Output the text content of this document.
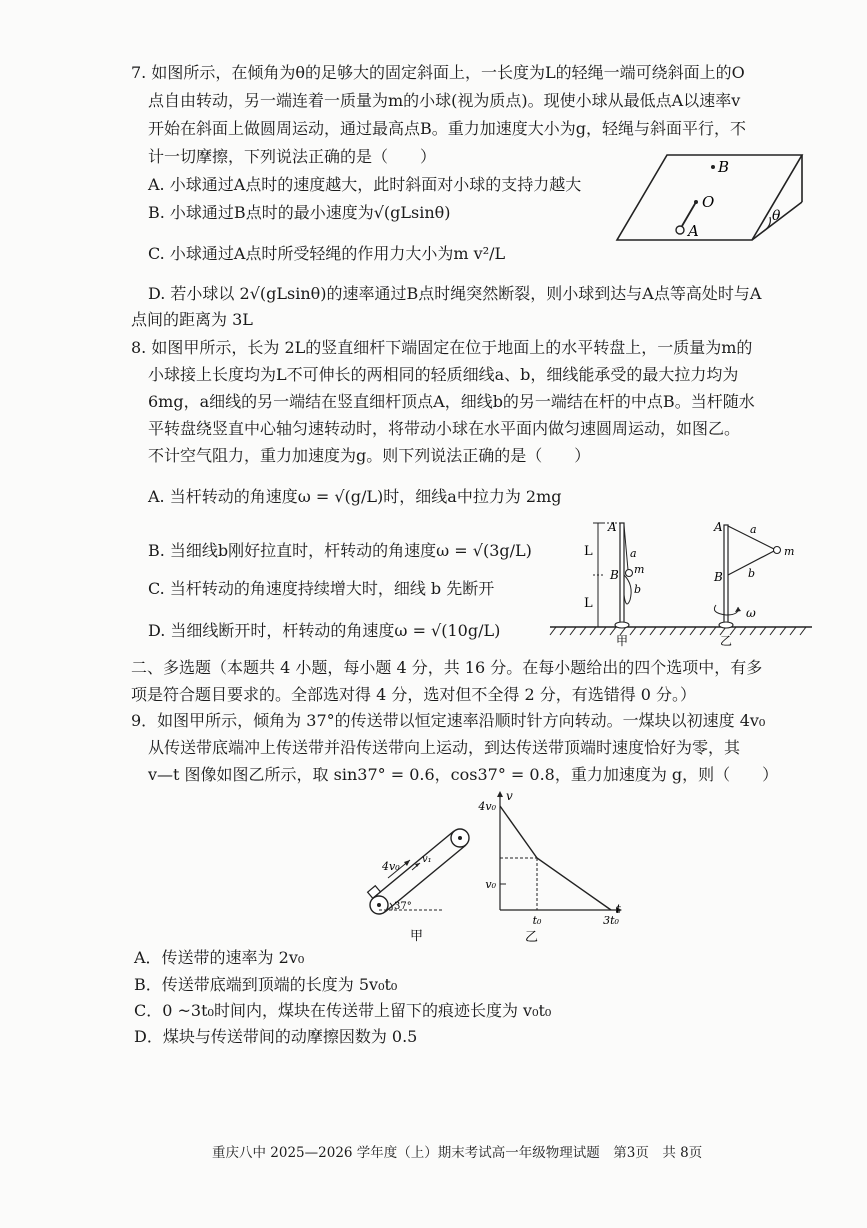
7. 如图所示，在倾角为θ的足够大的固定斜面上，一长度为L的轻绳一端可绕斜面上的O
点自由转动，另一端连着一质量为m的小球(视为质点)。现使小球从最低点A以速率v
开始在斜面上做圆周运动，通过最高点B。重力加速度大小为g，轻绳与斜面平行，不
计一切摩擦，下列说法正确的是（　　）
A. 小球通过A点时的速度越大，此时斜面对小球的支持力越大
B. 小球通过B点时的最小速度为√(gLsinθ)
C. 小球通过A点时所受轻绳的作用力大小为m v²/L
D. 若小球以 2√(gLsinθ)的速率通过B点时绳突然断裂，则小球到达与A点等高处时与A
点间的距离为 3L
B
O
A
θ
8. 如图甲所示，长为 2L的竖直细杆下端固定在位于地面上的水平转盘上，一质量为m的
小球接上长度均为L不可伸长的两相同的轻质细线a、b，细线能承受的最大拉力均为
6mg，a细线的另一端结在竖直细杆顶点A，细线b的另一端结在杆的中点B。当杆随水
平转盘绕竖直中心轴匀速转动时，将带动小球在水平面内做匀速圆周运动，如图乙。
不计空气阻力，重力加速度为g。则下列说法正确的是（　　）
A. 当杆转动的角速度ω = √(g/L)时，细线a中拉力为 2mg
B. 当细线b刚好拉直时，杆转动的角速度ω = √(3g/L)
C. 当杆转动的角速度持续增大时，细线 b 先断开
D. 当细线断开时，杆转动的角速度ω = √(10g/L)
L
L
A
B
a
m
b
甲
A
B
a
b
m
ω
乙
二、多选题（本题共 4 小题，每小题 4 分，共 16 分。在每小题给出的四个选项中，有多
项是符合题目要求的。全部选对得 4 分，选对但不全得 2 分，有选错得 0 分。）
9．如图甲所示，倾角为 37°的传送带以恒定速率沿顺时针方向转动。一煤块以初速度 4v₀
从传送带底端冲上传送带并沿传送带向上运动，到达传送带顶端时速度恰好为零，其
v—t 图像如图乙所示，取 sin37° = 0.6，cos37° = 0.8，重力加速度为 g，则（　　）
4v₀
v₁
37°
甲
v
t
4v₀
v₀
t₀	3t₀
乙
重庆八中 2025—2026 学年度（上）期末考试高一年级物理试题　第3页　共 8页
A．传送带的速率为 2v₀
B．传送带底端到顶端的长度为 5v₀t₀
C．0 ~3t₀时间内，煤块在传送带上留下的痕迹长度为 v₀t₀
D．煤块与传送带间的动摩擦因数为 0.5
